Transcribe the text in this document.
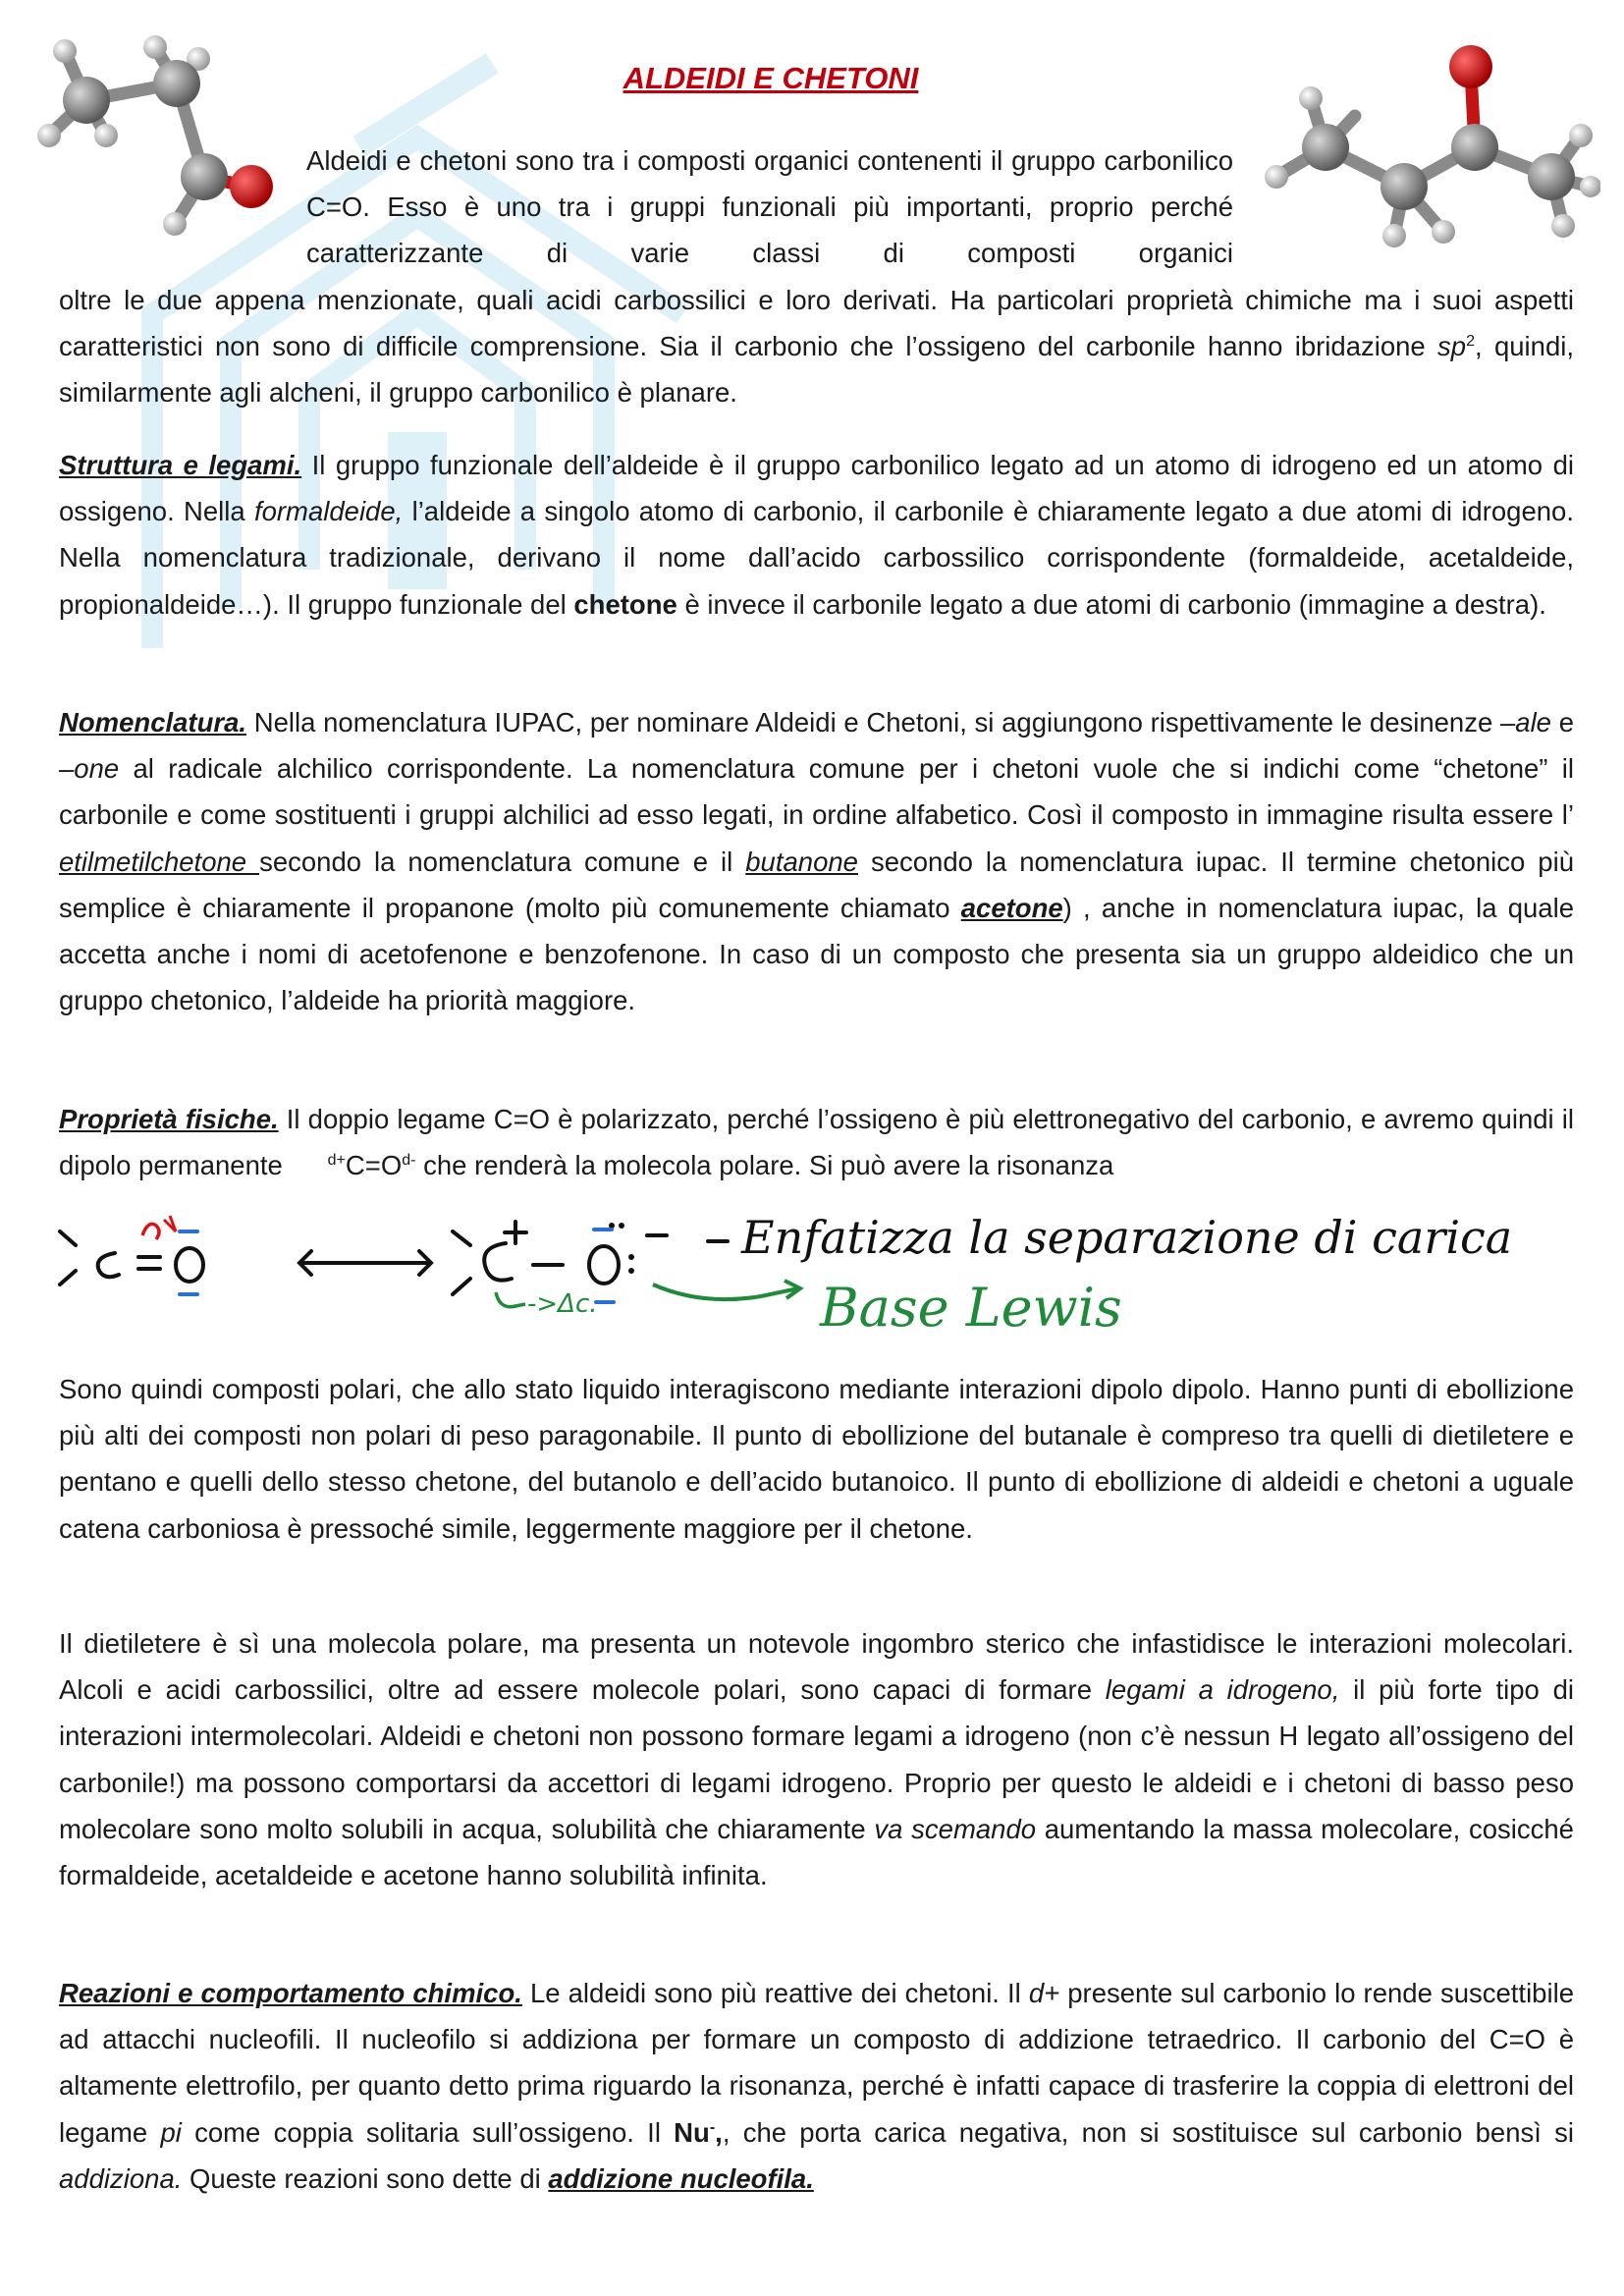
ALDEIDI E CHETONI
Aldeidi e chetoni sono tra i composti organici contenenti il gruppo carbonilico C=O. Esso è uno tra i gruppi funzionali più importanti, proprio perché caratterizzante di varie classi di composti organici
oltre le due appena menzionate, quali acidi carbossilici e loro derivati. Ha particolari proprietà chimiche ma i suoi aspetti caratteristici non sono di difficile comprensione. Sia il carbonio che l’ossigeno del carbonile hanno ibridazione $sp^2$, quindi, similarmente agli alcheni, il gruppo carbonilico è planare.
Struttura e legami. Il gruppo funzionale dell’aldeide è il gruppo carbonilico legato ad un atomo di idrogeno ed un atomo di ossigeno. Nella formaldeide, l’aldeide a singolo atomo di carbonio, il carbonile è chiaramente legato a due atomi di idrogeno. Nella nomenclatura tradizionale, derivano il nome dall’acido carbossilico corrispondente (formaldeide, acetaldeide, propionaldeide…). Il gruppo funzionale del chetone è invece il carbonile legato a due atomi di carbonio (immagine a destra).
Nomenclatura. Nella nomenclatura IUPAC, per nominare Aldeidi e Chetoni, si aggiungono rispettivamente le desinenze –ale e –one al radicale alchilico corrispondente. La nomenclatura comune per i chetoni vuole che si indichi come “chetone” il carbonile e come sostituenti i gruppi alchilici ad esso legati, in ordine alfabetico. Così il composto in immagine risulta essere l’ etilmetilchetone secondo la nomenclatura comune e il butanone secondo la nomenclatura iupac. Il termine chetonico più semplice è chiaramente il propanone (molto più comunemente chiamato acetone) , anche in nomenclatura iupac, la quale accetta anche i nomi di acetofenone e benzofenone. In caso di un composto che presenta sia un gruppo aldeidico che un gruppo chetonico, l’aldeide ha priorità maggiore.
Proprietà fisiche. Il doppio legame C=O è polarizzato, perché l’ossigeno è più elettronegativo del carbonio, e avremo quindi il dipolo permanente      $^{d+}C=O^{d-}$ che renderà la molecola polare. Si può avere la risonanza
->Δc.
Enfatizza la separazione di carica
Base Lewis
Sono quindi composti polari, che allo stato liquido interagiscono mediante interazioni dipolo dipolo. Hanno punti di ebollizione più alti dei composti non polari di peso paragonabile. Il punto di ebollizione del butanale è compreso tra quelli di dietiletere e pentano e quelli dello stesso chetone, del butanolo e dell’acido butanoico. Il punto di ebollizione di aldeidi e chetoni a uguale catena carboniosa è pressoché simile, leggermente maggiore per il chetone.
Il dietiletere è sì una molecola polare, ma presenta un notevole ingombro sterico che infastidisce le interazioni molecolari. Alcoli e acidi carbossilici, oltre ad essere molecole polari, sono capaci di formare legami a idrogeno, il più forte tipo di interazioni intermolecolari. Aldeidi e chetoni non possono formare legami a idrogeno (non c’è nessun H legato all’ossigeno del carbonile!) ma possono comportarsi da accettori di legami idrogeno. Proprio per questo le aldeidi e i chetoni di basso peso molecolare sono molto solubili in acqua, solubilità che chiaramente va scemando aumentando la massa molecolare, cosicché formaldeide, acetaldeide e acetone hanno solubilità infinita.
Reazioni e comportamento chimico. Le aldeidi sono più reattive dei chetoni. Il d+ presente sul carbonio lo rende suscettibile ad attacchi nucleofili. Il nucleofilo si addiziona per formare un composto di addizione tetraedrico. Il carbonio del C=O è altamente elettrofilo, per quanto detto prima riguardo la risonanza, perché è infatti capace di trasferire la coppia di elettroni del legame pi come coppia solitaria sull’ossigeno. Il Nu-,, che porta carica negativa, non si sostituisce sul carbonio bensì si addiziona. Queste reazioni sono dette di addizione nucleofila.
